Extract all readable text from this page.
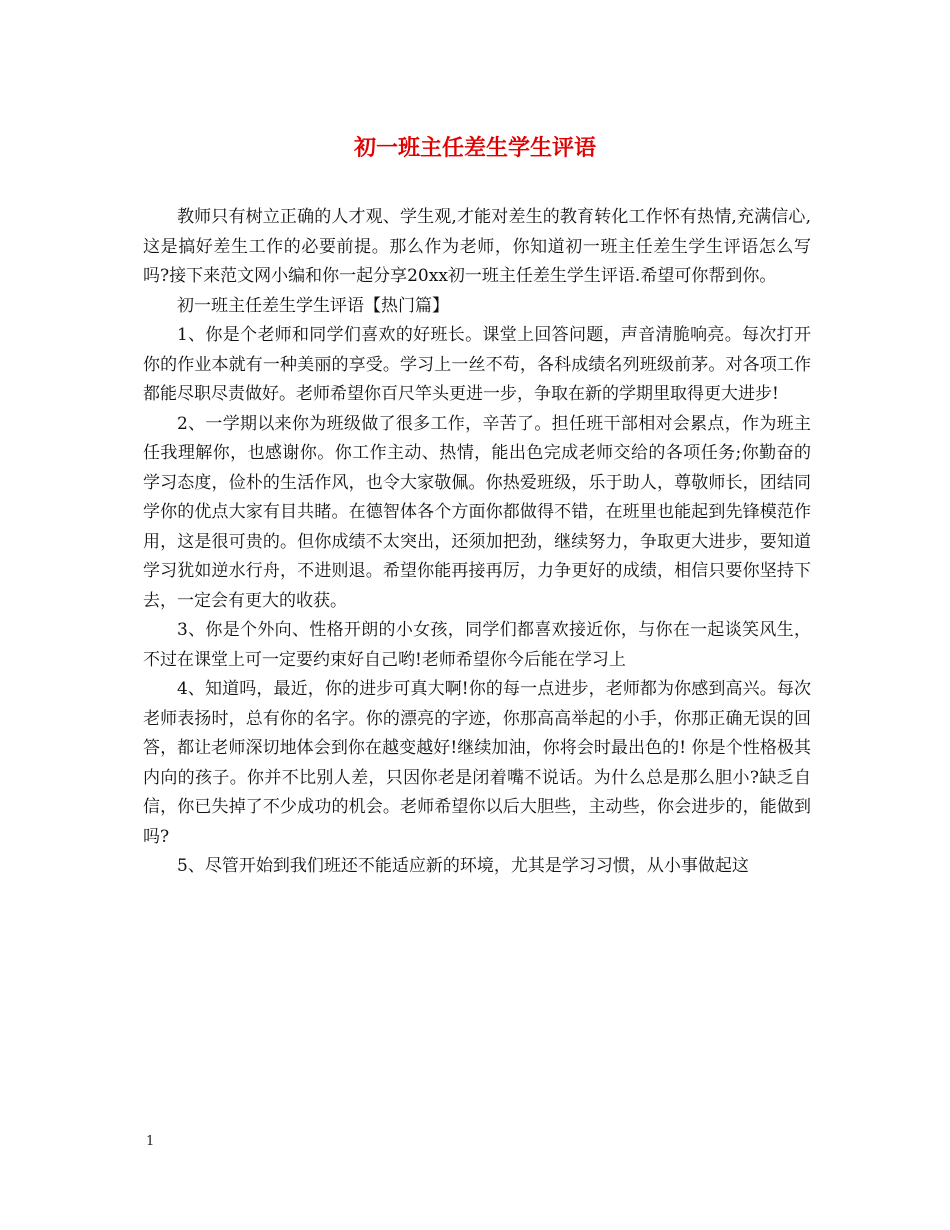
初一班主任差生学生评语

教师只有树立正确的人才观、学生观,才能对差生的教育转化工作怀有热情,充满信心,这是搞好差生工作的必要前提。那么作为老师，你知道初一班主任差生学生评语怎么写吗?接下来范文网小编和你一起分享20xx初一班主任差生学生评语.希望可你帮到你。

初一班主任差生学生评语【热门篇】

1、你是个老师和同学们喜欢的好班长。课堂上回答问题，声音清脆响亮。每次打开你的作业本就有一种美丽的享受。学习上一丝不苟，各科成绩名列班级前茅。对各项工作都能尽职尽责做好。老师希望你百尺竿头更进一步，争取在新的学期里取得更大进步!

2、一学期以来你为班级做了很多工作，辛苦了。担任班干部相对会累点，作为班主任我理解你，也感谢你。你工作主动、热情，能出色完成老师交给的各项任务;你勤奋的学习态度，俭朴的生活作风，也令大家敬佩。你热爱班级，乐于助人，尊敬师长，团结同学你的优点大家有目共睹。在德智体各个方面你都做得不错，在班里也能起到先锋模范作用，这是很可贵的。但你成绩不太突出，还须加把劲，继续努力，争取更大进步，要知道学习犹如逆水行舟，不进则退。希望你能再接再厉，力争更好的成绩，相信只要你坚持下去，一定会有更大的收获。

3、你是个外向、性格开朗的小女孩，同学们都喜欢接近你，与你在一起谈笑风生，不过在课堂上可一定要约束好自己哟!老师希望你今后能在学习上

4、知道吗，最近，你的进步可真大啊!你的每一点进步，老师都为你感到高兴。每次老师表扬时，总有你的名字。你的漂亮的字迹，你那高高举起的小手，你那正确无误的回答，都让老师深切地体会到你在越变越好!继续加油，你将会时最出色的! 你是个性格极其内向的孩子。你并不比别人差，只因你老是闭着嘴不说话。为什么总是那么胆小?缺乏自信，你已失掉了不少成功的机会。老师希望你以后大胆些，主动些，你会进步的，能做到吗?

5、尽管开始到我们班还不能适应新的环境，尤其是学习习惯，从小事做起这

1
